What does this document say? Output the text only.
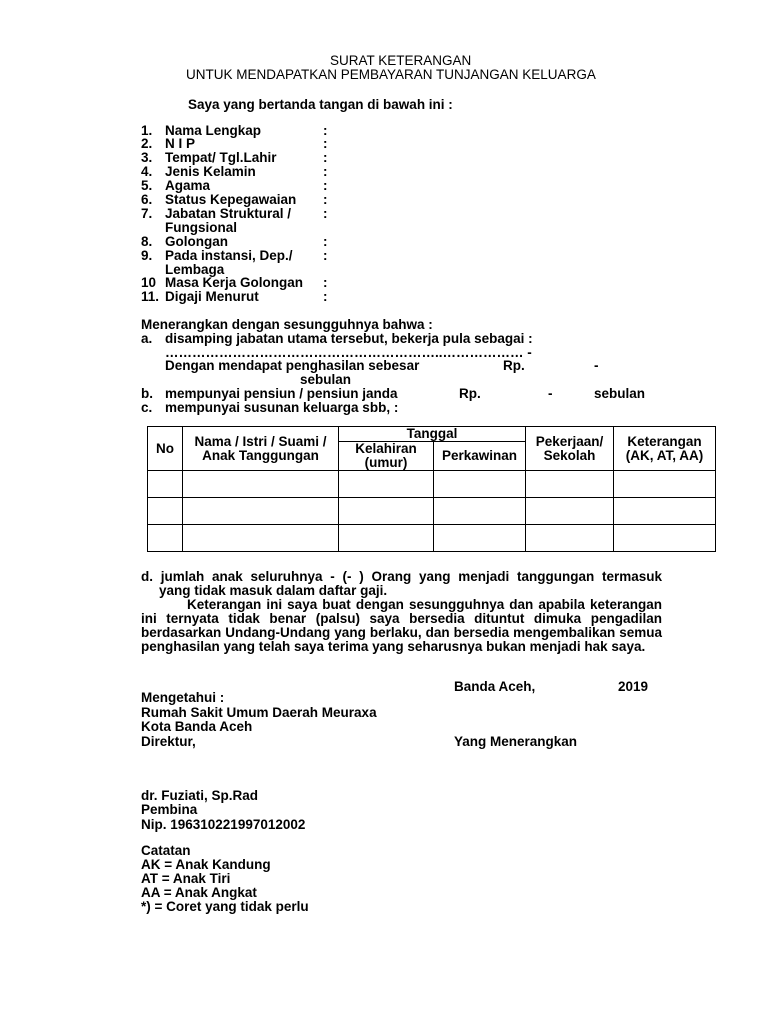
SURAT KETERANGAN
UNTUK MENDAPATKAN PEMBAYARAN TUNJANGAN KELUARGA
Saya yang bertanda tangan di bawah ini :
1. Nama Lengkap	:
2. N I P	:
3. Tempat/ Tgl.Lahir	:
4. Jenis Kelamin	:
5. Agama	:
6. Status Kepegawaian :
7. Jabatan Struktural / :
Fungsional
8. Golongan	:
9. Pada instansi, Dep./ :
Lembaga
10 Masa Kerja Golongan :
11. Digaji Menurut	:
Menerangkan dengan sesungguhnya bahwa :
a. disamping jabatan utama tersebut, bekerja pula sebagai :
……………………………………………………..……………… -
Dengan mendapat penghasilan sebesar	Rp.	-
sebulan
b. mempunyai pensiun / pensiun janda	Rp.	-	sebulan
c. mempunyai susunan keluarga sbb, :
No	Nama / Istri / Suami / Anak Tanggungan	Tanggal		Pekerjaan/ Sekolah	Keterangan (AK, AT, AA)
		Kelahiran (umur)	Perkawinan		

d. jumlah anak seluruhnya - (- ) Orang yang menjadi tanggungan termasuk
yang tidak masuk dalam daftar gaji.
Keterangan ini saya buat dengan sesungguhnya dan apabila keterangan ini ternyata tidak benar (palsu) saya bersedia dituntut dimuka pengadilan berdasarkan Undang-Undang yang berlaku, dan bersedia mengembalikan semua penghasilan yang telah saya terima yang seharusnya bukan menjadi hak saya.
Banda Aceh,	2019
Mengetahui :
Rumah Sakit Umum Daerah Meuraxa
Kota Banda Aceh
Direktur,	Yang Menerangkan
dr. Fuziati, Sp.Rad
Pembina
Nip. 196310221997012002
Catatan
AK = Anak Kandung
AT = Anak Tiri
AA = Anak Angkat
*) = Coret yang tidak perlu
